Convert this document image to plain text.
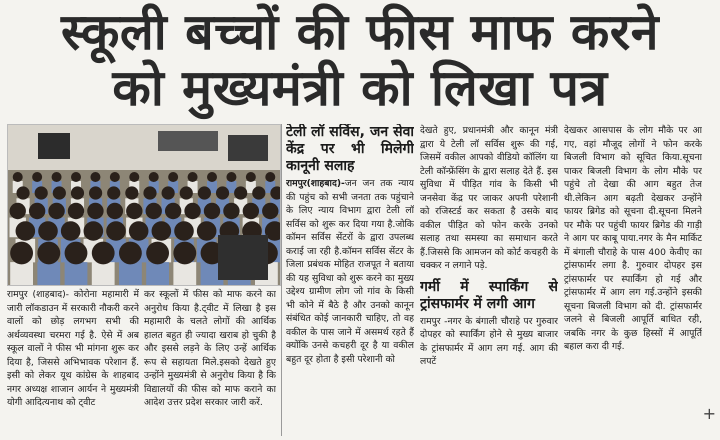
स्कूली बच्चों की फीस माफ करने
को मुख्यमंत्री को लिखा पत्र

रामपुर (शाहबाद)- कोरोना महामारी में जारी लॉकडाउन में सरकारी नौकरी करने वालों को छोड़ लगभग सभी की अर्थव्यवस्था चरमरा गई है. ऐसे में अब स्कूल वालों ने फीस भी मांगना शुरू कर दिया है, जिससे अभिभावक परेशान हैं. इसी को लेकर यूथ कांग्रेस के शाहबाद नगर अध्यक्ष शाजान आर्यन ने मुख्यमंत्री योगी आदित्यनाथ को ट्वीट

कर स्कूलों में फीस को माफ करने का अनुरोध किया है.ट्वीट में लिखा है इस महामारी के चलते लोगों की आर्थिक हालत बहुत ही ज्यादा खराब हो चुकी है और इससे लड़ने के लिए उन्हें आर्थिक रूप से सहायता मिले.इसको देखते हुए उन्होंने मुख्यमंत्री से अनुरोध किया है कि विद्यालयों की फीस को माफ कराने का आदेश उत्तर प्रदेश सरकार जारी करें.

टेली लॉ सर्विस, जन सेवा केंद्र पर भी मिलेगी कानूनी सलाह

रामपुर(शाहबाद)-जन जन तक न्याय की पहुंच को सभी जनता तक पहुंचाने के लिए न्याय विभाग द्वारा टेली लॉ सर्विस को शुरू कर दिया गया है.जोकि कॉमन सर्विस सेंटरों के द्वारा उपलब्ध कराई जा रही है.कॉमन सर्विस सेंटर के जिला प्रबंधक मोहित राजपूत ने बताया की यह सुविधा को शुरू करने का मुख्य उद्देश्य ग्रामीण लोग जो गांव के किसी भी कोने में बैठे है और उनको कानून संबंधित कोई जानकारी चाहिए, तो वह वकील के पास जाने में असमर्थ रहते हैं क्योंकि उनसे कचहरी दूर है या वकील बहुत दूर होता है इसी परेशानी को

देखते हुए, प्रधानमंत्री और कानून मंत्री द्वारा ये टेली लॉ सर्विस शुरू की गई, जिसमें वकील आपको वीडियो कॉलिंग या टेली कॉन्फ्रेंसिंग के द्वारा सलाह देते हैं. इस सुविधा में पीड़ित गांव के किसी भी जनसेवा केंद्र पर जाकर अपनी परेशानी को रजिस्टर्ड कर सकता है उसके बाद वकील पीड़ित को फोन करके उनको सलाह तथा समस्या का समाधान करते हैं.जिससे कि आमजन को कोर्ट कचहरी के चक्कर न लगाने पड़े.

गर्मी में स्पार्किंग से ट्रांसफार्मर में लगी आग

रामपुर -नगर के बंगाली चौराहे पर गुरुवार दोपहर को स्पार्किंग होने से मुख्य बाजार के ट्रांसफार्मर में आग लग गई. आग की लपटें

देखकर आसपास के लोग मौके पर आ गए, वहां मौजूद लोगों ने फोन करके बिजली विभाग को सूचित किया.सूचना पाकर बिजली विभाग के लोग मौके पर पहुंचे तो देखा की आग बहुत तेज थी.लेकिन आग बढ़ती देखकर उन्होंने फायर ब्रिगेड को सूचना दी.सूचना मिलने पर मौके पर पहुंची फायर ब्रिगेड की गाड़ी ने आग पर काबू पाया.नगर के मैन मार्किट में बंगाली चौराहे के पास 400 केवीए का ट्रांसफार्मर लगा है. गुरुवार दोपहर इस ट्रांसफार्मर पर स्पार्किंग हो गई और ट्रांसफार्मर में आग लग गई.उन्होंने इसकी सूचना बिजली विभाग को दी. ट्रांसफार्मर जलने से बिजली आपूर्ति बाधित रही, जबकि नगर के कुछ हिस्सों में आपूर्ति बहाल करा दी गई.

+
